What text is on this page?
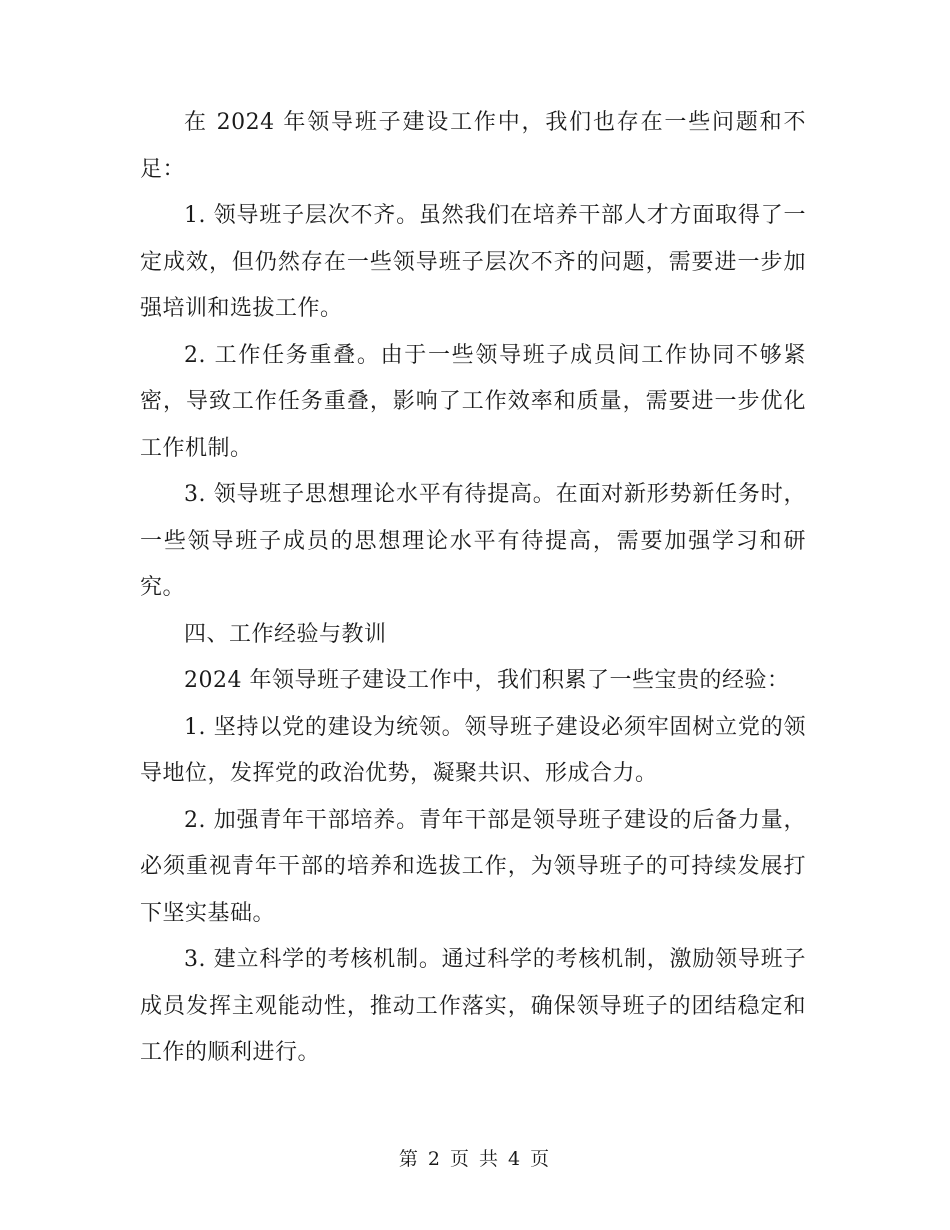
在 2024 年领导班子建设工作中，我们也存在一些问题和不足：

1. 领导班子层次不齐。虽然我们在培养干部人才方面取得了一定成效，但仍然存在一些领导班子层次不齐的问题，需要进一步加强培训和选拔工作。

2. 工作任务重叠。由于一些领导班子成员间工作协同不够紧密，导致工作任务重叠，影响了工作效率和质量，需要进一步优化工作机制。

3. 领导班子思想理论水平有待提高。在面对新形势新任务时，一些领导班子成员的思想理论水平有待提高，需要加强学习和研究。

四、工作经验与教训

2024 年领导班子建设工作中，我们积累了一些宝贵的经验：

1. 坚持以党的建设为统领。领导班子建设必须牢固树立党的领导地位，发挥党的政治优势，凝聚共识、形成合力。

2. 加强青年干部培养。青年干部是领导班子建设的后备力量，必须重视青年干部的培养和选拔工作，为领导班子的可持续发展打下坚实基础。

3. 建立科学的考核机制。通过科学的考核机制，激励领导班子成员发挥主观能动性，推动工作落实，确保领导班子的团结稳定和工作的顺利进行。

第 2 页 共 4 页
